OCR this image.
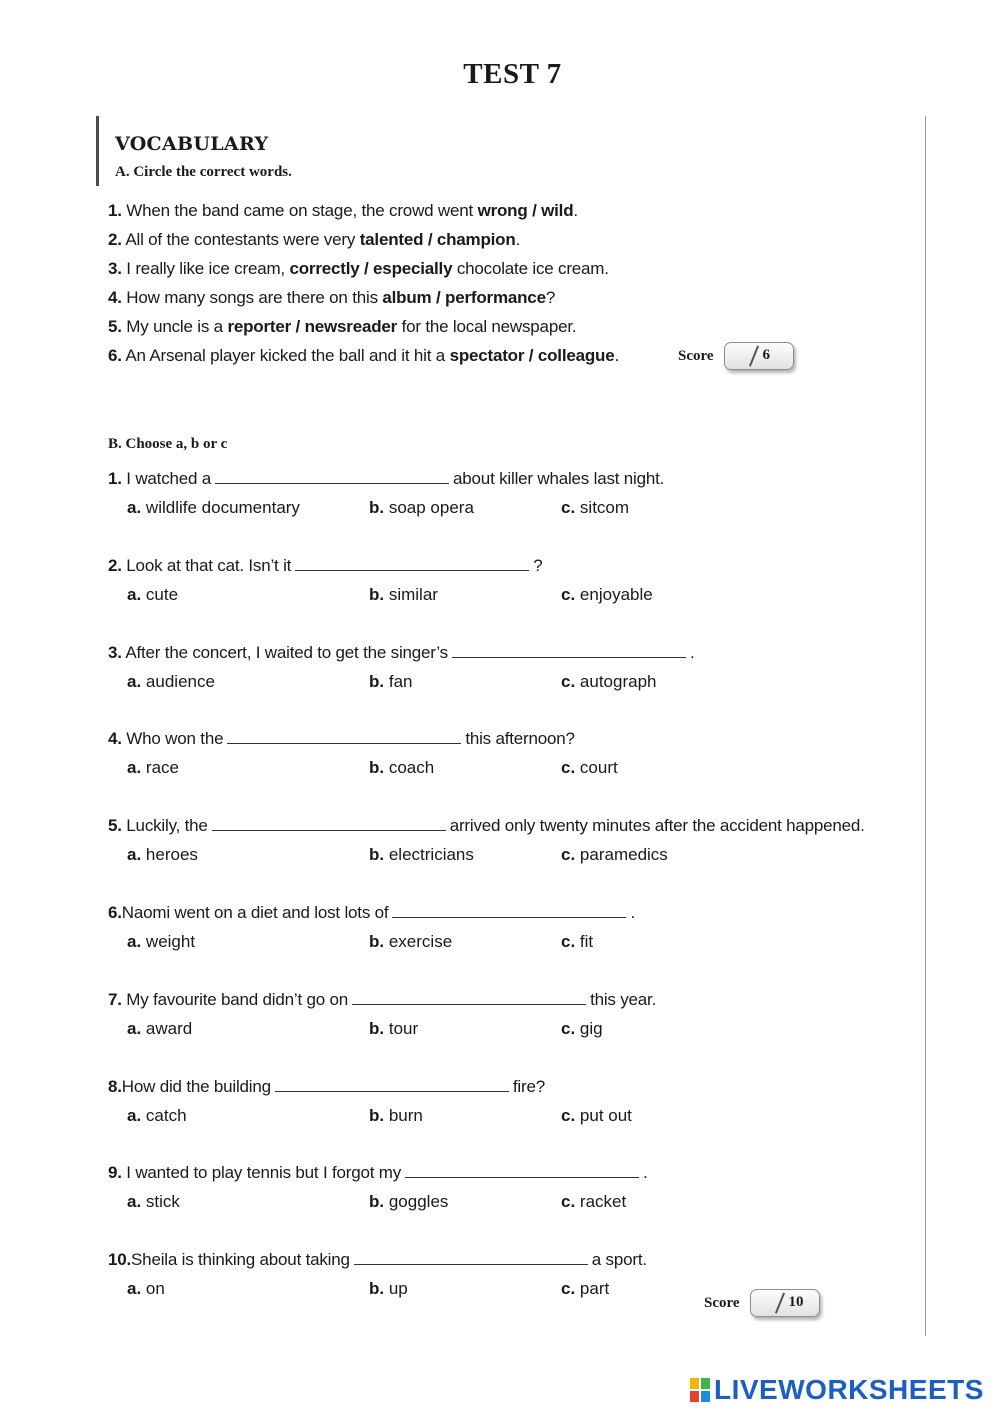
TEST 7
VOCABULARY
A. Circle the correct words.
1. When the band came on stage, the crowd went wrong / wild.
2. All of the contestants were very talented / champion.
3. I really like ice cream, correctly / especially chocolate ice cream.
4. How many songs are there on this album / performance?
5. My uncle is a reporter / newsreader for the local newspaper.
6. An Arsenal player kicked the ball and it hit a spectator / colleague.	Score	6
B. Choose a, b or c
1. I watched a	about killer whales last night.
a. wildlife documentary	b. soap opera	c. sitcom
2. Look at that cat. Isn’t it	?
a. cute	b. similar	c. enjoyable
3. After the concert, I waited to get the singer’s	.
a. audience	b. fan	c. autograph
4. Who won the	this afternoon?
a. race	b. coach	c. court
5. Luckily, the	arrived only twenty minutes after the accident happened.
a. heroes	b. electricians	c. paramedics
6.Naomi went on a diet and lost lots of	.
a. weight	b. exercise	c. fit
7. My favourite band didn’t go on	this year.
a. award	b. tour	c. gig
8.How did the building	fire?
a. catch	b. burn	c. put out
9. I wanted to play tennis but I forgot my	.
a. stick	b. goggles	c. racket
10.Sheila is thinking about taking	a sport.
a. on	b. up	c. part
Score	10
LIVEWORKSHEETS
